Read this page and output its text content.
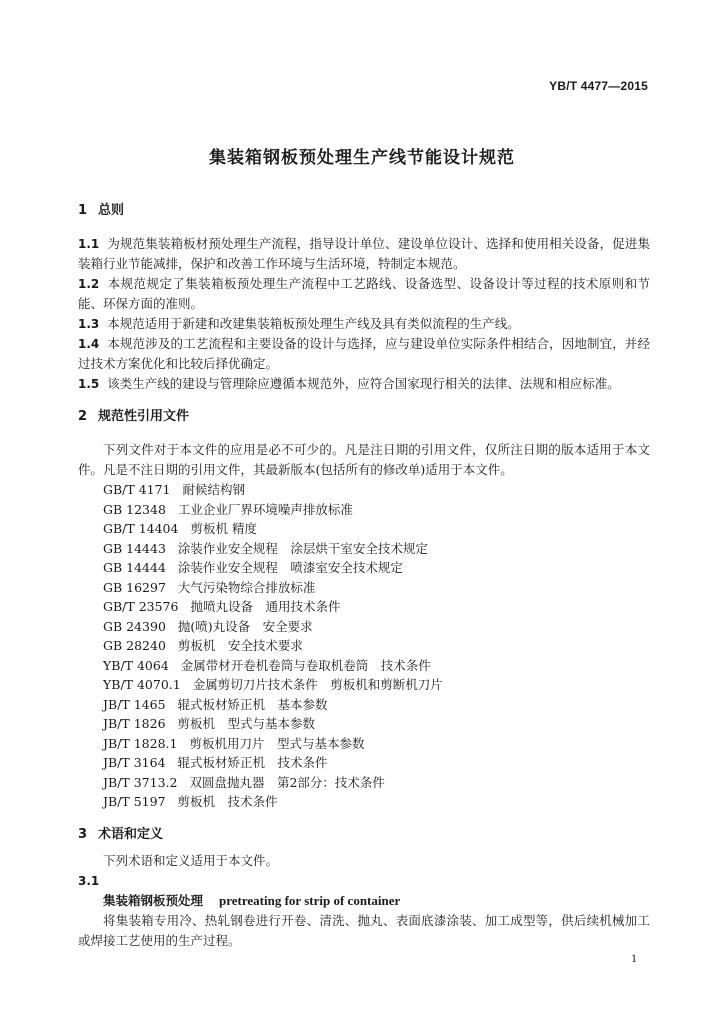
YB/T 4477—2015
集装箱钢板预处理生产线节能设计规范
1 总则
1.1 为规范集装箱板材预处理生产流程，指导设计单位、建设单位设计、选择和使用相关设备，促进集装箱行业节能减排，保护和改善工作环境与生活环境，特制定本规范。
1.2 本规范规定了集装箱板预处理生产流程中工艺路线、设备选型、设备设计等过程的技术原则和节能、环保方面的准则。
1.3 本规范适用于新建和改建集装箱板预处理生产线及具有类似流程的生产线。
1.4 本规范涉及的工艺流程和主要设备的设计与选择，应与建设单位实际条件相结合，因地制宜，并经过技术方案优化和比较后择优确定。
1.5 该类生产线的建设与管理除应遵循本规范外，应符合国家现行相关的法律、法规和相应标准。
2 规范性引用文件
下列文件对于本文件的应用是必不可少的。凡是注日期的引用文件，仅所注日期的版本适用于本文件。凡是不注日期的引用文件，其最新版本(包括所有的修改单)适用于本文件。
GB/T 4171 耐候结构钢
GB 12348 工业企业厂界环境噪声排放标准
GB/T 14404 剪板机 精度
GB 14443 涂装作业安全规程　涂层烘干室安全技术规定
GB 14444 涂装作业安全规程　喷漆室安全技术规定
GB 16297 大气污染物综合排放标准
GB/T 23576 抛喷丸设备　通用技术条件
GB 24390 抛(喷)丸设备　安全要求
GB 28240 剪板机　安全技术要求
YB/T 4064 金属带材开卷机卷筒与卷取机卷筒　技术条件
YB/T 4070.1 金属剪切刀片技术条件　剪板机和剪断机刀片
JB/T 1465 辊式板材矫正机　基本参数
JB/T 1826 剪板机　型式与基本参数
JB/T 1828.1 剪板机用刀片　型式与基本参数
JB/T 3164 辊式板材矫正机　技术条件
JB/T 3713.2 双圆盘抛丸器　第2部分：技术条件
JB/T 5197 剪板机　技术条件
3 术语和定义
下列术语和定义适用于本文件。
3.1
集装箱钢板预处理 pretreating for strip of container
将集装箱专用冷、热轧钢卷进行开卷、清洗、抛丸、表面底漆涂装、加工成型等，供后续机械加工或焊接工艺使用的生产过程。
1
